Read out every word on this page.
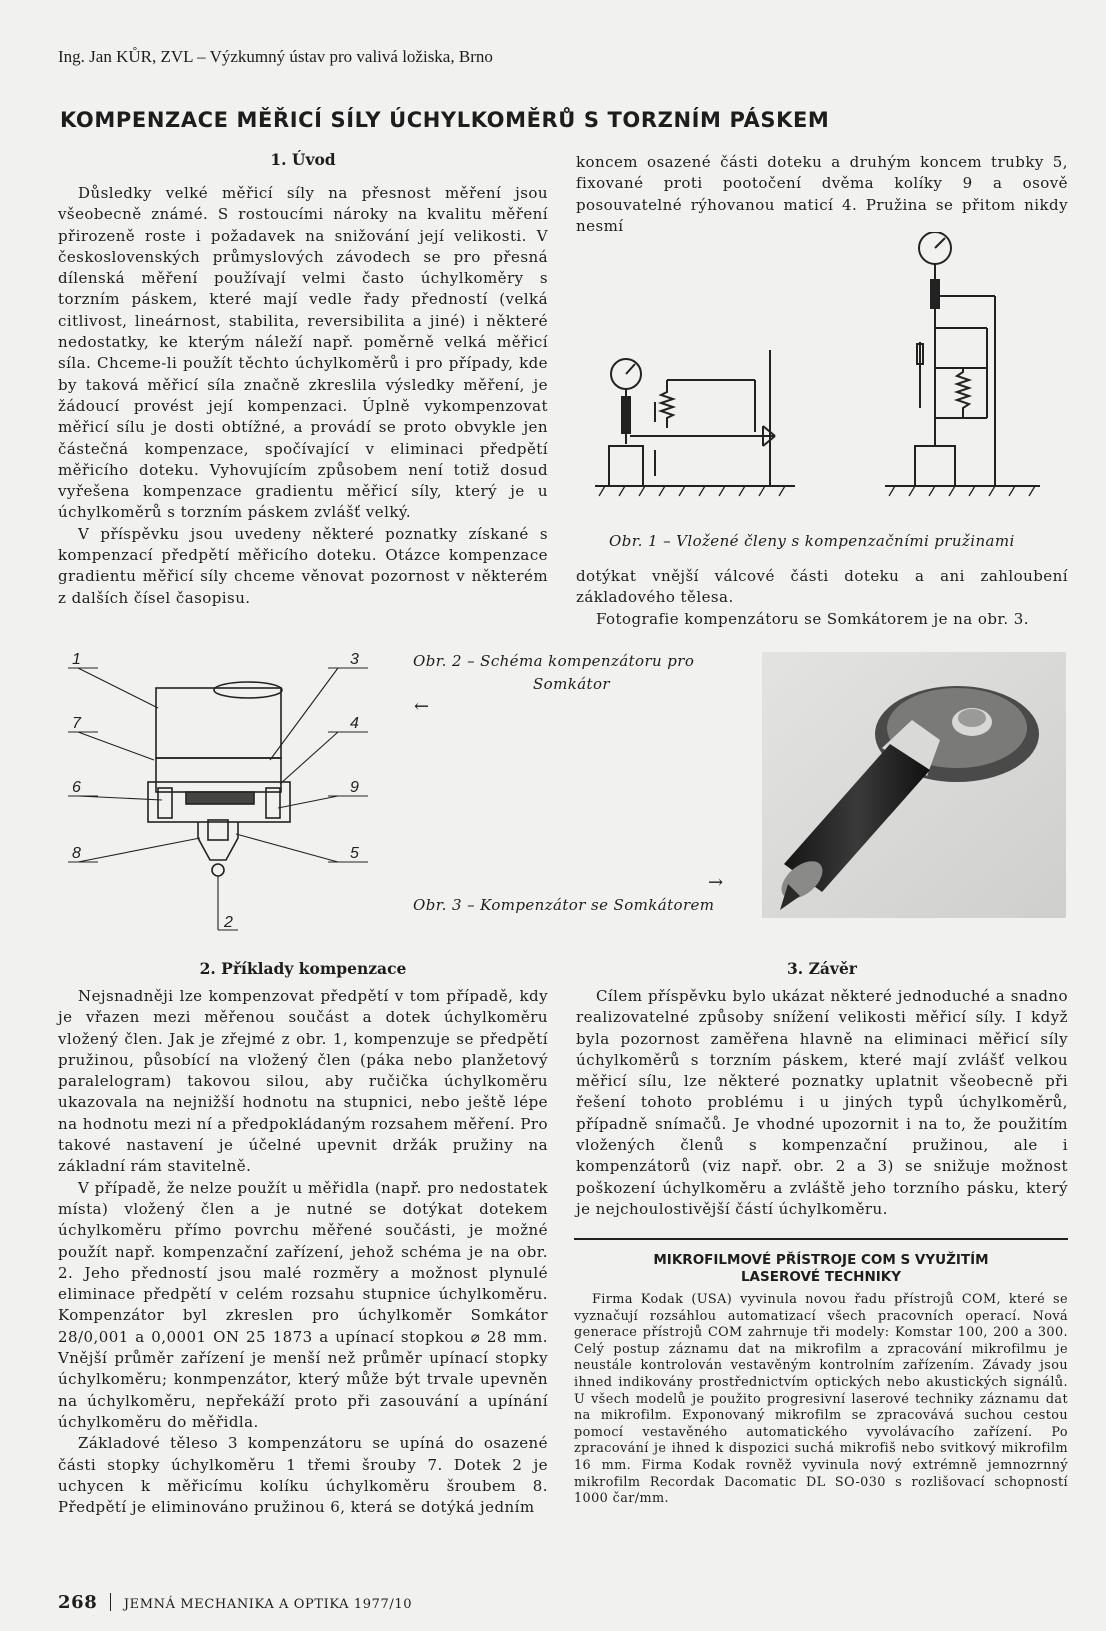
Ing. Jan KŮR, ZVL – Výzkumný ústav pro valivá ložiska, Brno
KOMPENZACE MĚŘICÍ SÍLY ÚCHYLKOMĚRŮ S TORZNÍM PÁSKEM
1. Úvod

Důsledky velké měřicí síly na přesnost měření jsou všeobecně známé. S rostoucími nároky na kvalitu měření přirozeně roste i požadavek na snižování její velikosti. V československých průmyslových závodech se pro přesná dílenská měření používají velmi často úchylkoměry s torzním páskem, které mají vedle řady předností (velká citlivost, lineárnost, stabilita, reversibilita a jiné) i některé nedostatky, ke kterým náleží např. poměrně velká měřicí síla. Chceme-li použít těchto úchylkoměrů i pro případy, kde by taková měřicí síla značně zkreslila výsledky měření, je žádoucí provést její kompenzaci. Úplně vykompenzovat měřicí sílu je dosti obtížné, a provádí se proto obvykle jen částečná kompenzace, spočívající v eliminaci předpětí měřicího doteku. Vyhovujícím způsobem není totiž dosud vyřešena kompenzace gradientu měřicí síly, který je u úchylkoměrů s torzním páskem zvlášť velký.

V příspěvku jsou uvedeny některé poznatky získané s kompenzací předpětí měřicího doteku. Otázce kompenzace gradientu měřicí síly chceme věnovat pozornost v některém z dalších čísel časopisu.

koncem osazené části doteku a druhým koncem trubky 5, fixované proti pootočení dvěma kolíky 9 a osově posouvatelné rýhovanou maticí 4. Pružina se přitom nikdy nesmí

Obr. 1 – Vložené členy s kompenzačními pružinami

dotýkat vnější válcové části doteku a ani zahloubení základového tělesa.

Fotografie kompenzátoru se Somkátorem je na obr. 3.

1	3
7	4
6	9
8	5
2
Obr. 2 – Schéma kompenzátoru pro
Somkátor
←
→
Obr. 3 – Kompenzátor se Somkátorem
2. Příklady kompenzace

Nejsnadněji lze kompenzovat předpětí v tom případě, kdy je vřazen mezi měřenou součást a dotek úchylkoměru vložený člen. Jak je zřejmé z obr. 1, kompenzuje se předpětí pružinou, působící na vložený člen (páka nebo planžetový paralelogram) takovou silou, aby ručička úchylkoměru ukazovala na nejnižší hodnotu na stupnici, nebo ještě lépe na hodnotu mezi ní a předpokládaným rozsahem měření. Pro takové nastavení je účelné upevnit držák pružiny na základní rám stavitelně.

V případě, že nelze použít u měřidla (např. pro nedostatek místa) vložený člen a je nutné se dotýkat dotekem úchylkoměru přímo povrchu měřené součásti, je možné použít např. kompenzační zařízení, jehož schéma je na obr. 2. Jeho předností jsou malé rozměry a možnost plynulé eliminace předpětí v celém rozsahu stupnice úchylkoměru. Kompenzátor byl zkreslen pro úchylkoměr Somkátor 28/0,001 a 0,0001 ON 25 1873 a upínací stopkou ⌀ 28 mm. Vnější průměr zařízení je menší než průměr upínací stopky úchylkoměru; konmpenzátor, který může být trvale upevněn na úchylkoměru, nepřekáží proto při zasouvání a upínání úchylkoměru do měřidla.

Základové těleso 3 kompenzátoru se upíná do osazené části stopky úchylkoměru 1 třemi šrouby 7. Dotek 2 je uchycen k měřicímu kolíku úchylkoměru šroubem 8. Předpětí je eliminováno pružinou 6, která se dotýká jedním

3. Závěr

Cílem příspěvku bylo ukázat některé jednoduché a snadno realizovatelné způsoby snížení velikosti měřicí síly. I když byla pozornost zaměřena hlavně na eliminaci měřicí síly úchylkoměrů s torzním páskem, které mají zvlášť velkou měřicí sílu, lze některé poznatky uplatnit všeobecně při řešení tohoto problému i u jiných typů úchylkoměrů, případně snímačů. Je vhodné upozornit i na to, že použitím vložených členů s kompenzační pružinou, ale i kompenzátorů (viz např. obr. 2 a 3) se snižuje možnost poškození úchylkoměru a zvláště jeho torzního pásku, který je nejchoulostivější částí úchylkoměru.

MIKROFILMOVÉ PŘÍSTROJE COM S VYUŽITÍM
LASEROVÉ TECHNIKY

Firma Kodak (USA) vyvinula novou řadu přístrojů COM, které se vyznačují rozsáhlou automatizací všech pracovních operací. Nová generace přístrojů COM zahrnuje tři modely: Komstar 100, 200 a 300. Celý postup záznamu dat na mikrofilm a zpracování mikrofilmu je neustále kontrolován vestavěným kontrolním zařízením. Závady jsou ihned indikovány prostřednictvím optických nebo akustických signálů. U všech modelů je použito progresivní laserové techniky záznamu dat na mikrofilm. Exponovaný mikrofilm se zpracovává suchou cestou pomocí vestavěného automatického vyvolávacího zařízení. Po zpracování je ihned k dispozici suchá mikrofiš nebo svitkový mikrofilm 16 mm. Firma Kodak rovněž vyvinula nový extrémně jemnozrnný mikrofilm Recordak Dacomatic DL SO-030 s rozlišovací schopností 1000 čar/mm.

268 JEMNÁ MECHANIKA A OPTIKA 1977/10
